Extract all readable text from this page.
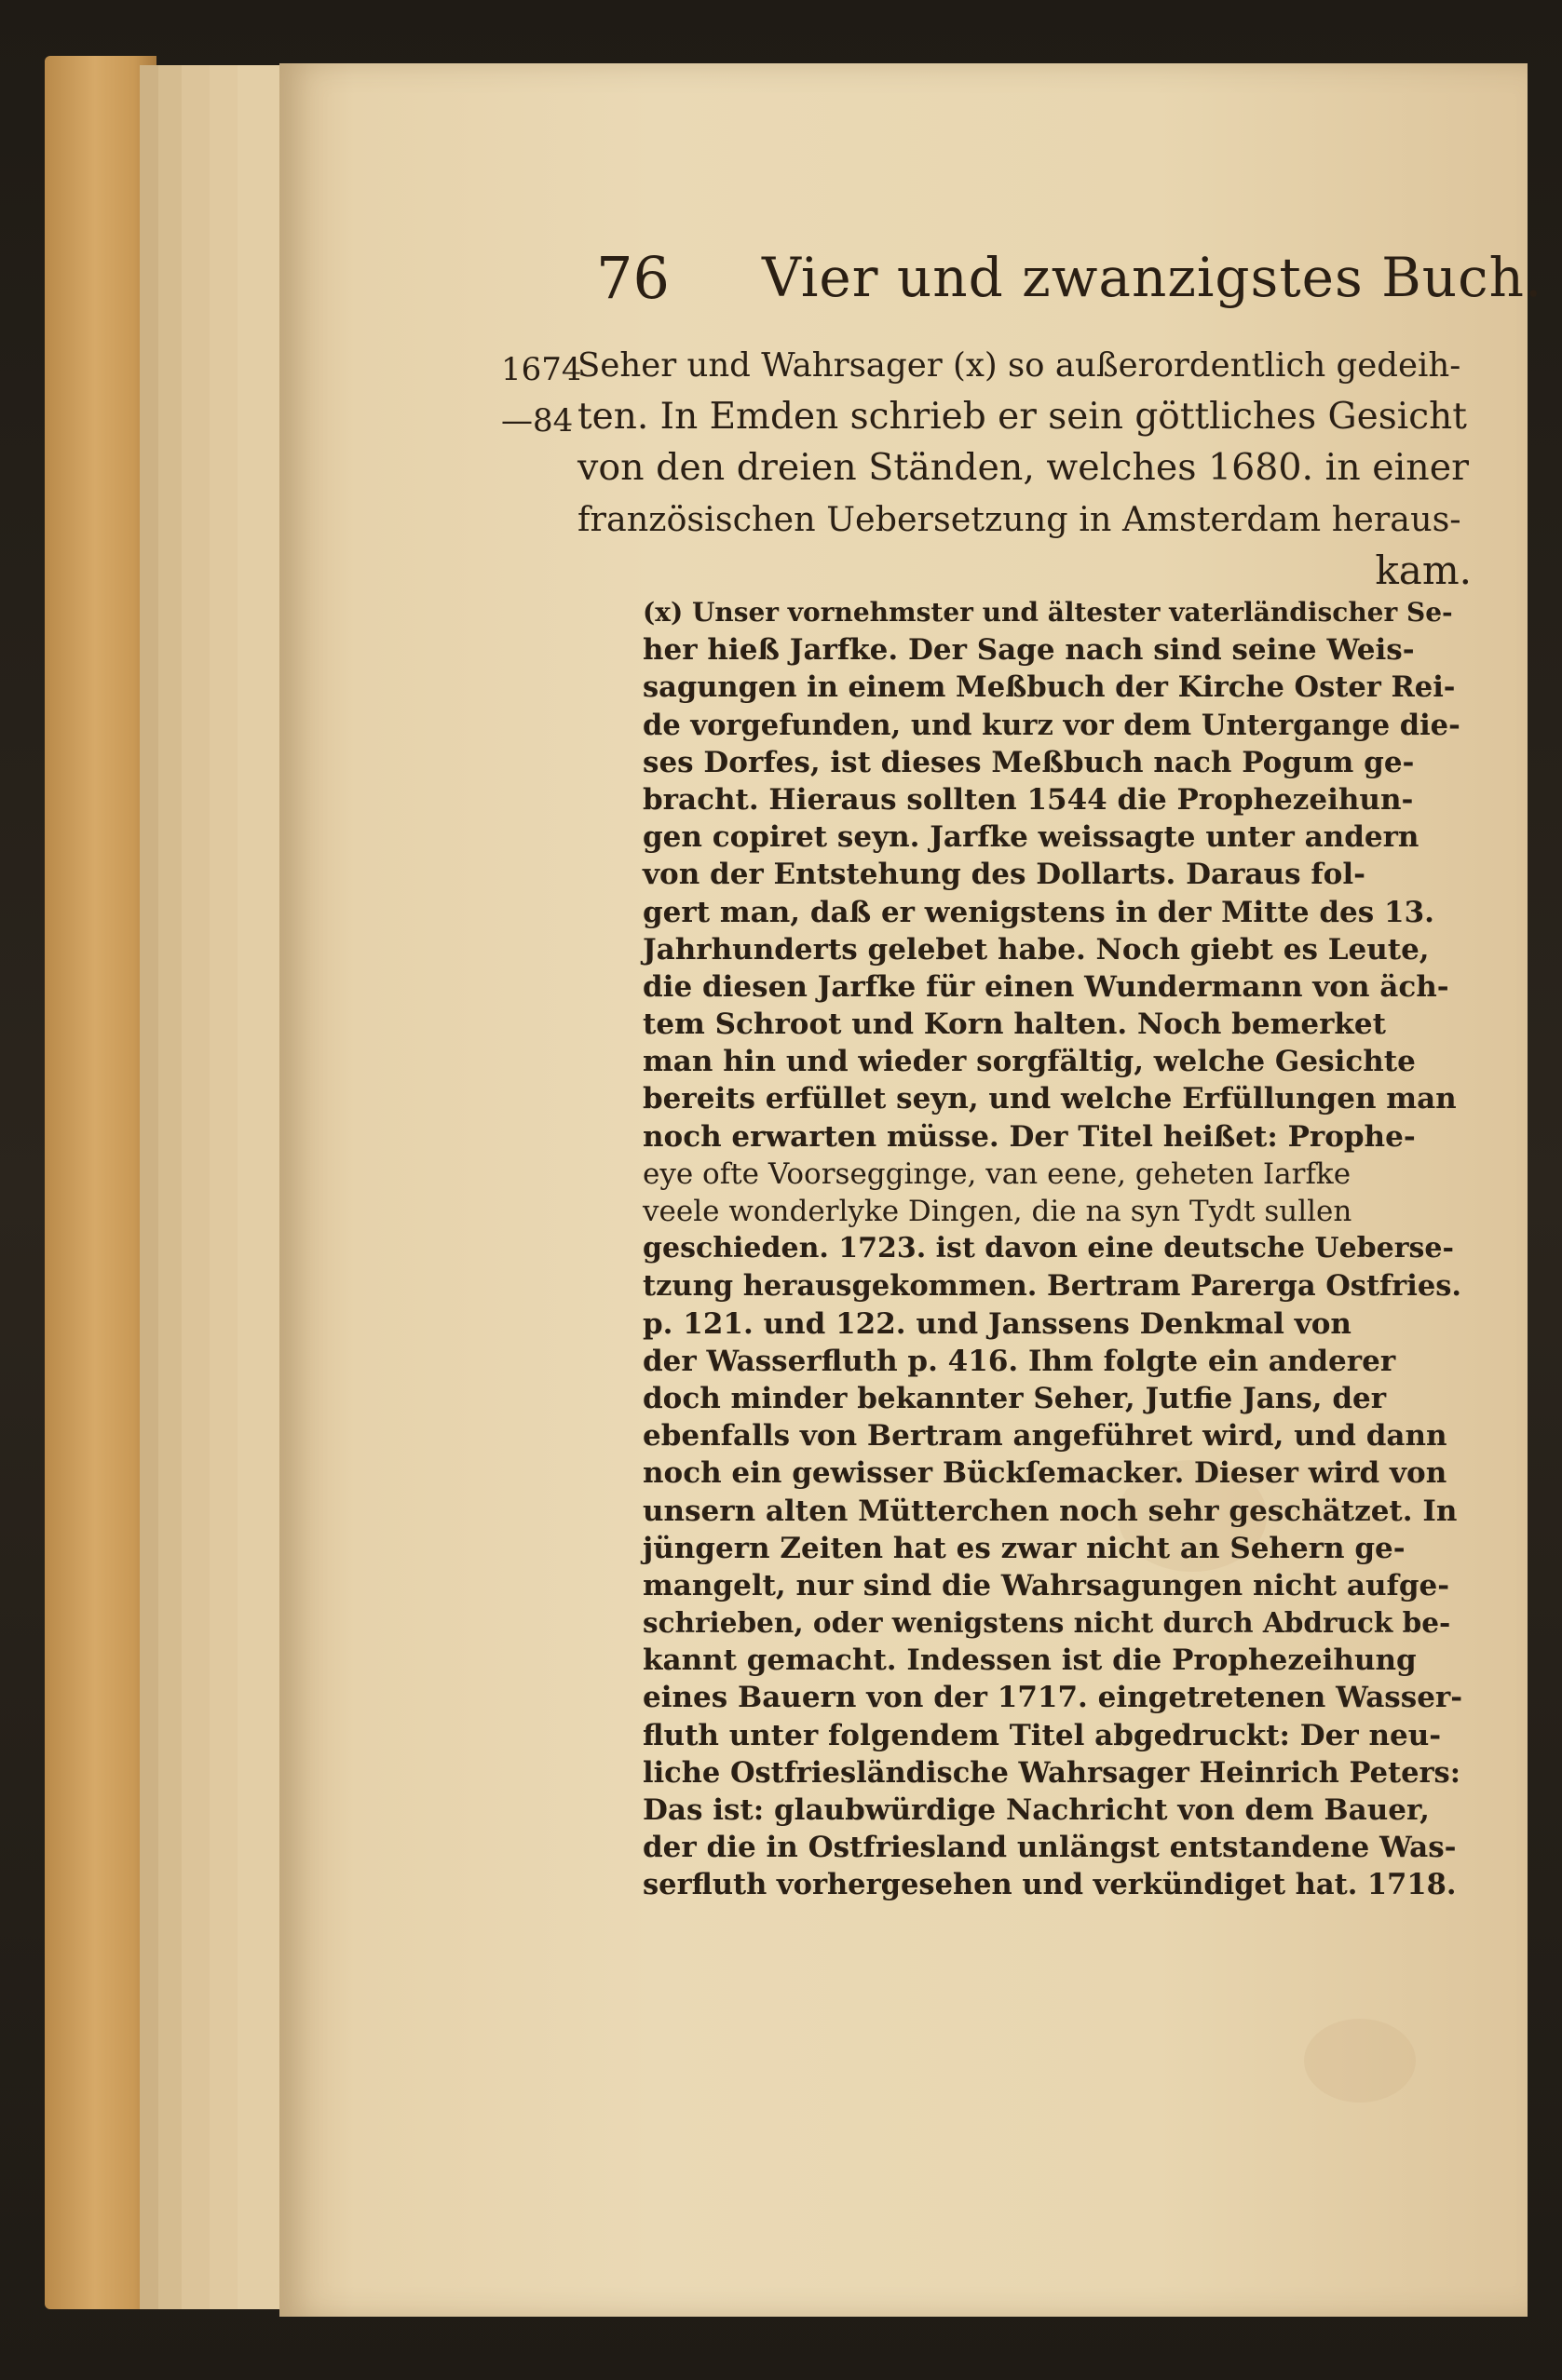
76 Vier und zwanzigstes Buch.
1674
—84
Seher und Wahrsager (x) so außerordentlich gedeih-
ten. In Emden schrieb er sein göttliches Gesicht
von den dreien Ständen, welches 1680. in einer
französischen Uebersetzung in Amsterdam heraus-
kam.
(x) Unser vornehmster und ältester vaterländischer Se-
her hieß Jarfke. Der Sage nach sind seine Weis-
sagungen in einem Meßbuch der Kirche Oster Rei-
de vorgefunden, und kurz vor dem Untergange die-
ses Dorfes, ist dieses Meßbuch nach Pogum ge-
bracht. Hieraus sollten 1544 die Prophezeihun-
gen copiret seyn. Jarfke weissagte unter andern
von der Entstehung des Dollarts. Daraus fol-
gert man, daß er wenigstens in der Mitte des 13.
Jahrhunderts gelebet habe. Noch giebt es Leute,
die diesen Jarfke für einen Wundermann von äch-
tem Schroot und Korn halten. Noch bemerket
man hin und wieder sorgfältig, welche Gesichte
bereits erfüllet seyn, und welche Erfüllungen man
noch erwarten müsse. Der Titel heißet: Prophe-
eye ofte Voorsegginge, van eene, geheten Iarfke
veele wonderlyke Dingen, die na syn Tydt sullen
geschieden. 1723. ist davon eine deutsche Ueberse-
tzung herausgekommen. Bertram Parerga Ostfries.
p. 121. und 122. und Janssens Denkmal von
der Wasserfluth p. 416. Ihm folgte ein anderer
doch minder bekannter Seher, Jutfie Jans, der
ebenfalls von Bertram angeführet wird, und dann
noch ein gewisser Bückſemacker. Dieser wird von
unsern alten Mütterchen noch sehr geschätzet. In
jüngern Zeiten hat es zwar nicht an Sehern ge-
mangelt, nur sind die Wahrsagungen nicht aufge-
schrieben, oder wenigstens nicht durch Abdruck be-
kannt gemacht. Indessen ist die Prophezeihung
eines Bauern von der 1717. eingetretenen Wasser-
fluth unter folgendem Titel abgedruckt: Der neu-
liche Ostfriesländische Wahrsager Heinrich Peters:
Das ist: glaubwürdige Nachricht von dem Bauer,
der die in Ostfriesland unlängst entstandene Was-
serfluth vorhergesehen und verkündiget hat. 1718.
